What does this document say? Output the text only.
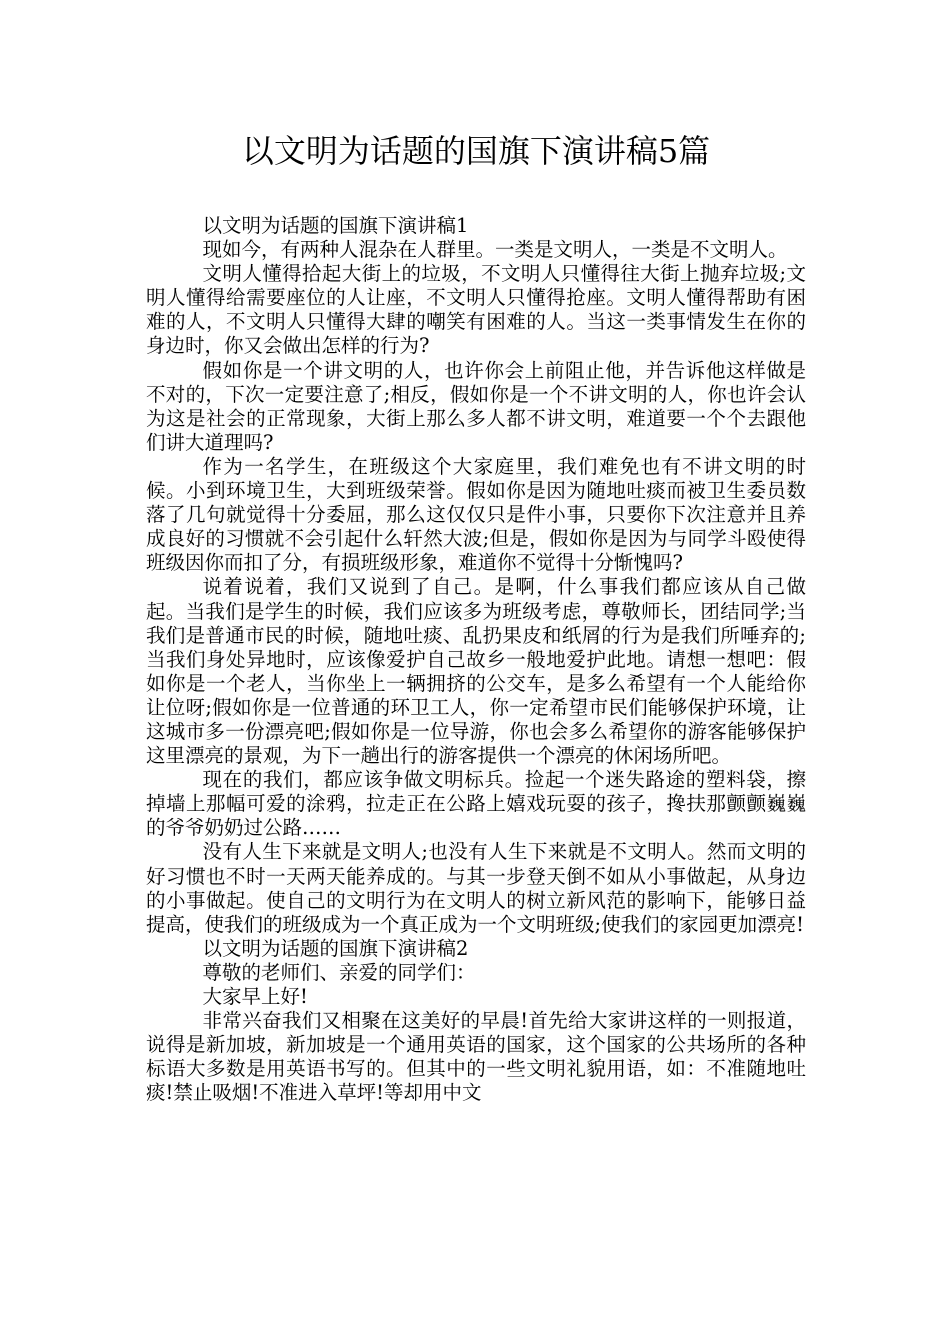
以文明为话题的国旗下演讲稿5篇

以文明为话题的国旗下演讲稿1

现如今，有两种人混杂在人群里。一类是文明人，一类是不文明人。

文明人懂得拾起大街上的垃圾，不文明人只懂得往大街上抛弃垃圾;文明人懂得给需要座位的人让座，不文明人只懂得抢座。文明人懂得帮助有困难的人，不文明人只懂得大肆的嘲笑有困难的人。当这一类事情发生在你的身边时，你又会做出怎样的行为?

假如你是一个讲文明的人，也许你会上前阻止他，并告诉他这样做是不对的，下次一定要注意了;相反，假如你是一个不讲文明的人，你也许会认为这是社会的正常现象，大街上那么多人都不讲文明，难道要一个个去跟他们讲大道理吗?

作为一名学生，在班级这个大家庭里，我们难免也有不讲文明的时候。小到环境卫生，大到班级荣誉。假如你是因为随地吐痰而被卫生委员数落了几句就觉得十分委屈，那么这仅仅只是件小事，只要你下次注意并且养成良好的习惯就不会引起什么轩然大波;但是，假如你是因为与同学斗殴使得班级因你而扣了分，有损班级形象，难道你不觉得十分惭愧吗?

说着说着，我们又说到了自己。是啊，什么事我们都应该从自己做起。当我们是学生的时候，我们应该多为班级考虑，尊敬师长，团结同学;当我们是普通市民的时候，随地吐痰、乱扔果皮和纸屑的行为是我们所唾弃的;当我们身处异地时，应该像爱护自己故乡一般地爱护此地。请想一想吧：假如你是一个老人，当你坐上一辆拥挤的公交车，是多么希望有一个人能给你让位呀;假如你是一位普通的环卫工人，你一定希望市民们能够保护环境，让这城市多一份漂亮吧;假如你是一位导游，你也会多么希望你的游客能够保护这里漂亮的景观，为下一趟出行的游客提供一个漂亮的休闲场所吧。

现在的我们，都应该争做文明标兵。捡起一个迷失路途的塑料袋，擦掉墙上那幅可爱的涂鸦，拉走正在公路上嬉戏玩耍的孩子，搀扶那颤颤巍巍的爷爷奶奶过公路……

没有人生下来就是文明人;也没有人生下来就是不文明人。然而文明的好习惯也不时一天两天能养成的。与其一步登天倒不如从小事做起，从身边的小事做起。使自己的文明行为在文明人的树立新风范的影响下，能够日益提高，使我们的班级成为一个真正成为一个文明班级;使我们的家园更加漂亮!

以文明为话题的国旗下演讲稿2

尊敬的老师们、亲爱的同学们：

大家早上好!

非常兴奋我们又相聚在这美好的早晨!首先给大家讲这样的一则报道，说得是新加坡，新加坡是一个通用英语的国家，这个国家的公共场所的各种标语大多数是用英语书写的。但其中的一些文明礼貌用语，如：不准随地吐痰!禁止吸烟!不准进入草坪!等却用中文
